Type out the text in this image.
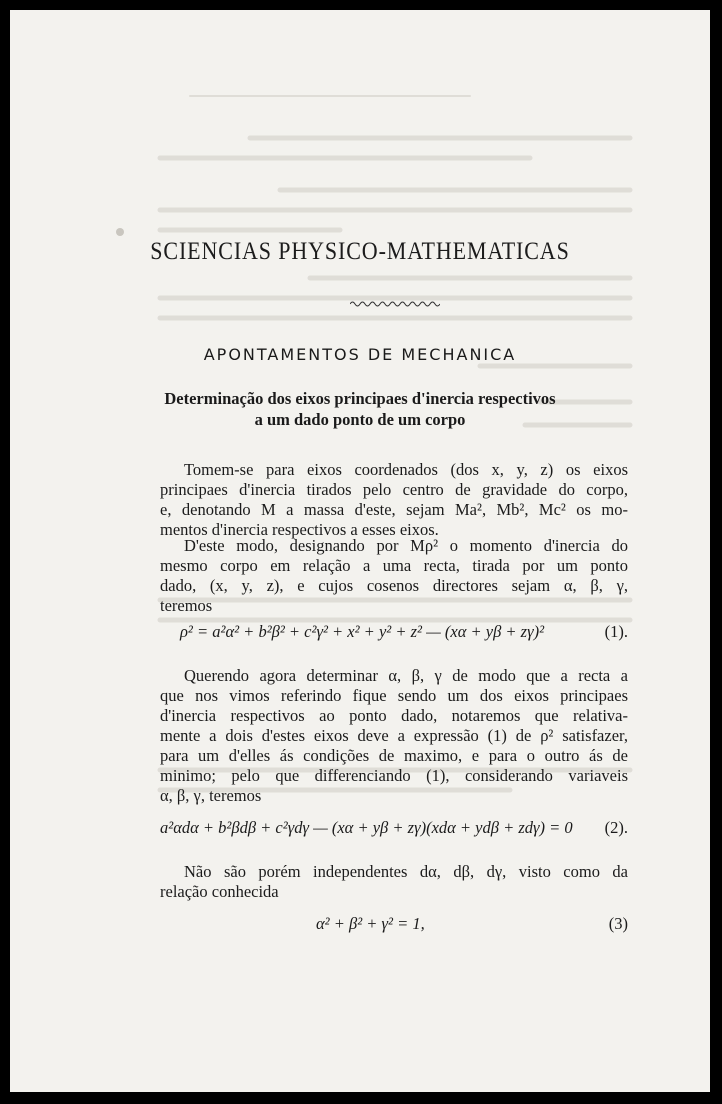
SCIENCIAS PHYSICO-MATHEMATICAS
APONTAMENTOS DE MECHANICA
Determinação dos eixos principaes d'inercia respectivos
a um dado ponto de um corpo
Tomem-se para eixos coordenados (dos x, y, z) os eixos
principaes d'inercia tirados pelo centro de gravidade do corpo,
e, denotando M a massa d'este, sejam Ma², Mb², Mc² os mo-
mentos d'inercia respectivos a esses eixos.
D'este modo, designando por Mρ² o momento d'inercia do
mesmo corpo em relação a uma recta, tirada por um ponto
dado, (x, y, z), e cujos cosenos directores sejam α, β, γ,
teremos
ρ² = a²α² + b²β² + c²γ² + x² + y² + z² — (xα + yβ + zγ)²	(1).
Querendo agora determinar α, β, γ de modo que a recta a
que nos vimos referindo fique sendo um dos eixos principaes
d'inercia respectivos ao ponto dado, notaremos que relativa-
mente a dois d'estes eixos deve a expressão (1) de ρ² satisfazer,
para um d'elles ás condições de maximo, e para o outro ás de
minimo; pelo que differenciando (1), considerando variaveis
α, β, γ, teremos
a²αdα + b²βdβ + c²γdγ — (xα + yβ + zγ)(xdα + ydβ + zdγ) = 0 (2).
Não são porém independentes dα, dβ, dγ, visto como da
relação conhecida
α² + β² + γ² = 1,	(3)
